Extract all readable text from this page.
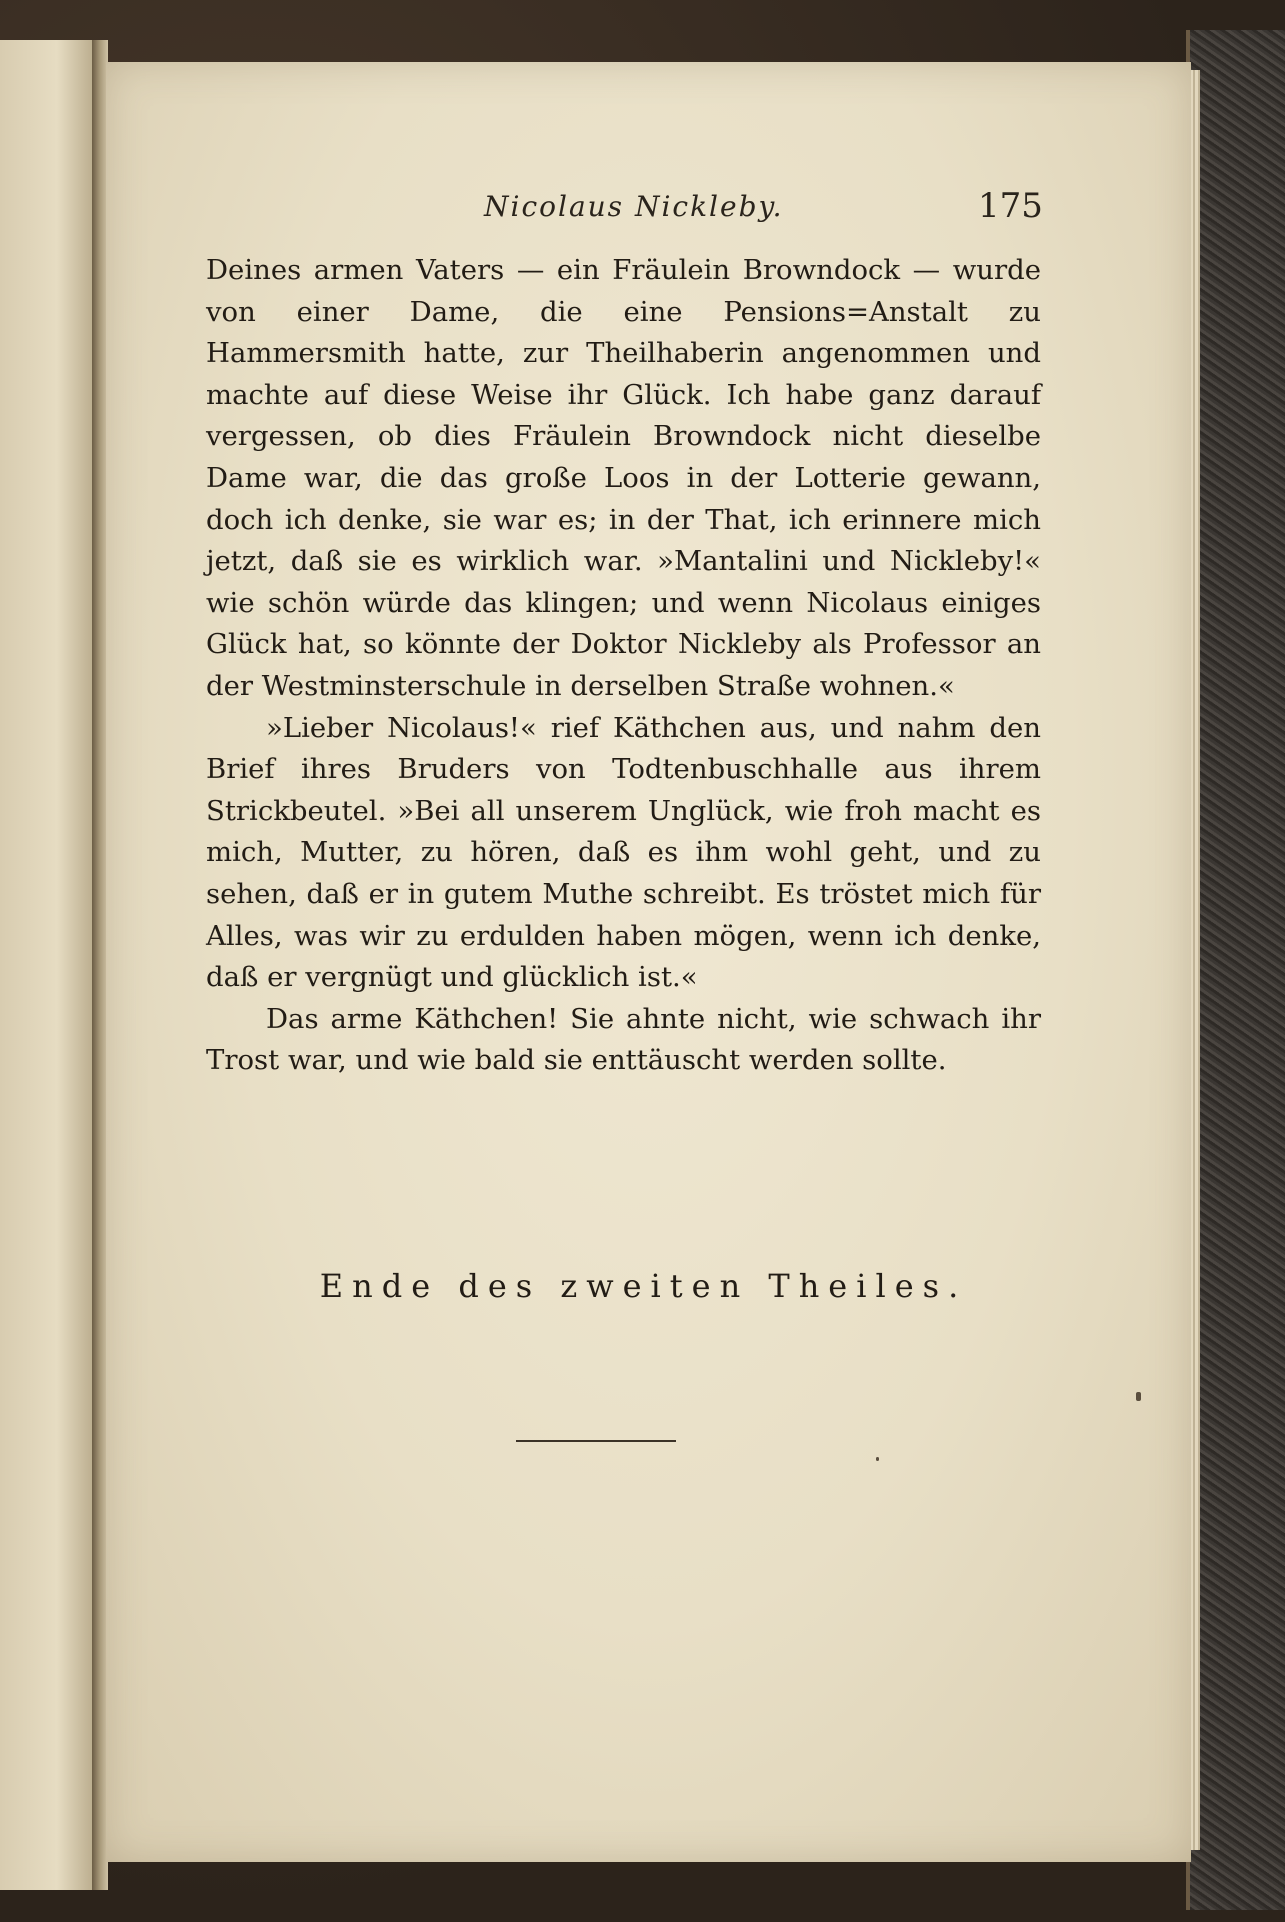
Nicolaus Nickleby.	175

Deines armen Vaters — ein Fräulein Browndock — wurde von einer Dame, die eine Pensions=Anstalt zu Hammersmith hatte, zur Theilhaberin angenommen und machte auf diese Weise ihr Glück. Ich habe ganz darauf vergessen, ob dies Fräulein Browndock nicht dieselbe Dame war, die das große Loos in der Lotterie gewann, doch ich denke, sie war es; in der That, ich erinnere mich jetzt, daß sie es wirklich war. »Mantalini und Nickleby!« wie schön würde das klingen; und wenn Nicolaus einiges Glück hat, so könnte der Doktor Nickleby als Professor an der Westminsterschule in derselben Straße wohnen.«

»Lieber Nicolaus!« rief Käthchen aus, und nahm den Brief ihres Bruders von Todtenbuschhalle aus ihrem Strickbeutel. »Bei all unserem Unglück, wie froh macht es mich, Mutter, zu hören, daß es ihm wohl geht, und zu sehen, daß er in gutem Muthe schreibt. Es tröstet mich für Alles, was wir zu erdulden haben mögen, wenn ich denke, daß er vergnügt und glücklich ist.«

Das arme Käthchen! Sie ahnte nicht, wie schwach ihr Trost war, und wie bald sie enttäuscht werden sollte.

Ende des zweiten Theiles.
